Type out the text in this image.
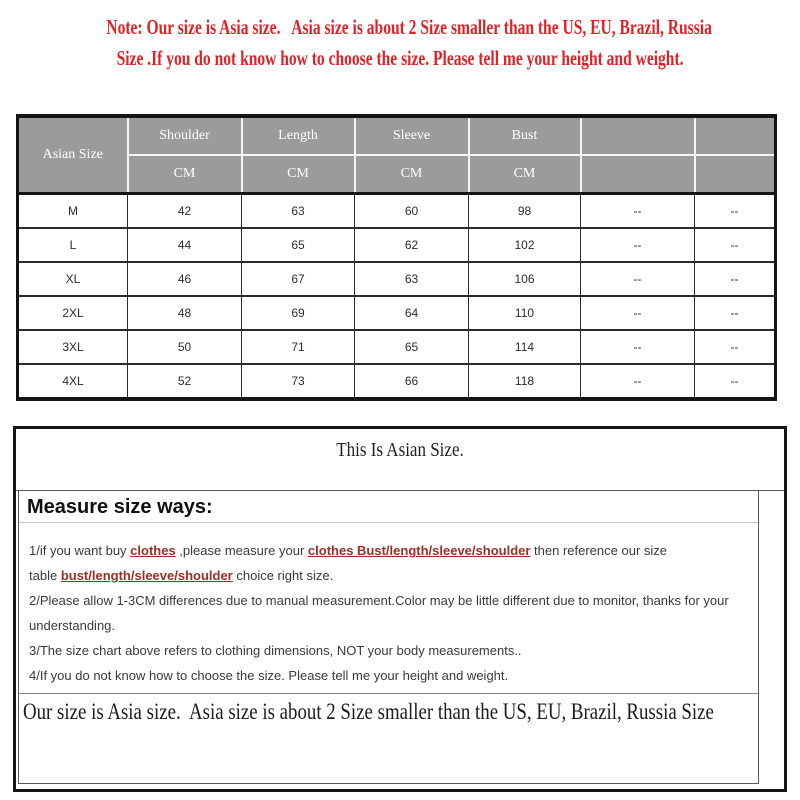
Note: Our size is Asia size.   Asia size is about 2 Size smaller than the US, EU, Brazil, Russia
Size .If you do not know how to choose the size. Please tell me your height and weight.
Asian Size	Shoulder	Length	Sleeve	Bust		
	CM	CM	CM	CM		
M	42	63	60	98	--	--
L	44	65	62	102	--	--
XL	46	67	63	106	--	--
2XL	48	69	64	110	--	--
3XL	50	71	65	114	--	--
4XL	52	73	66	118	--	--
This Is Asian Size.
Measure size ways:

1/if you want buy clothes ,please measure your clothes Bust/length/sleeve/shoulder then reference our size
table bust/length/sleeve/shoulder choice right size.

2/Please allow 1-3CM differences due to manual measurement.Color may be little different due to monitor, thanks for your
understanding.

3/The size chart above refers to clothing dimensions, NOT your body measurements..

4/If you do not know how to choose the size. Please tell me your height and weight.

Our size is Asia size.  Asia size is about 2 Size smaller than the US, EU, Brazil, Russia Size
